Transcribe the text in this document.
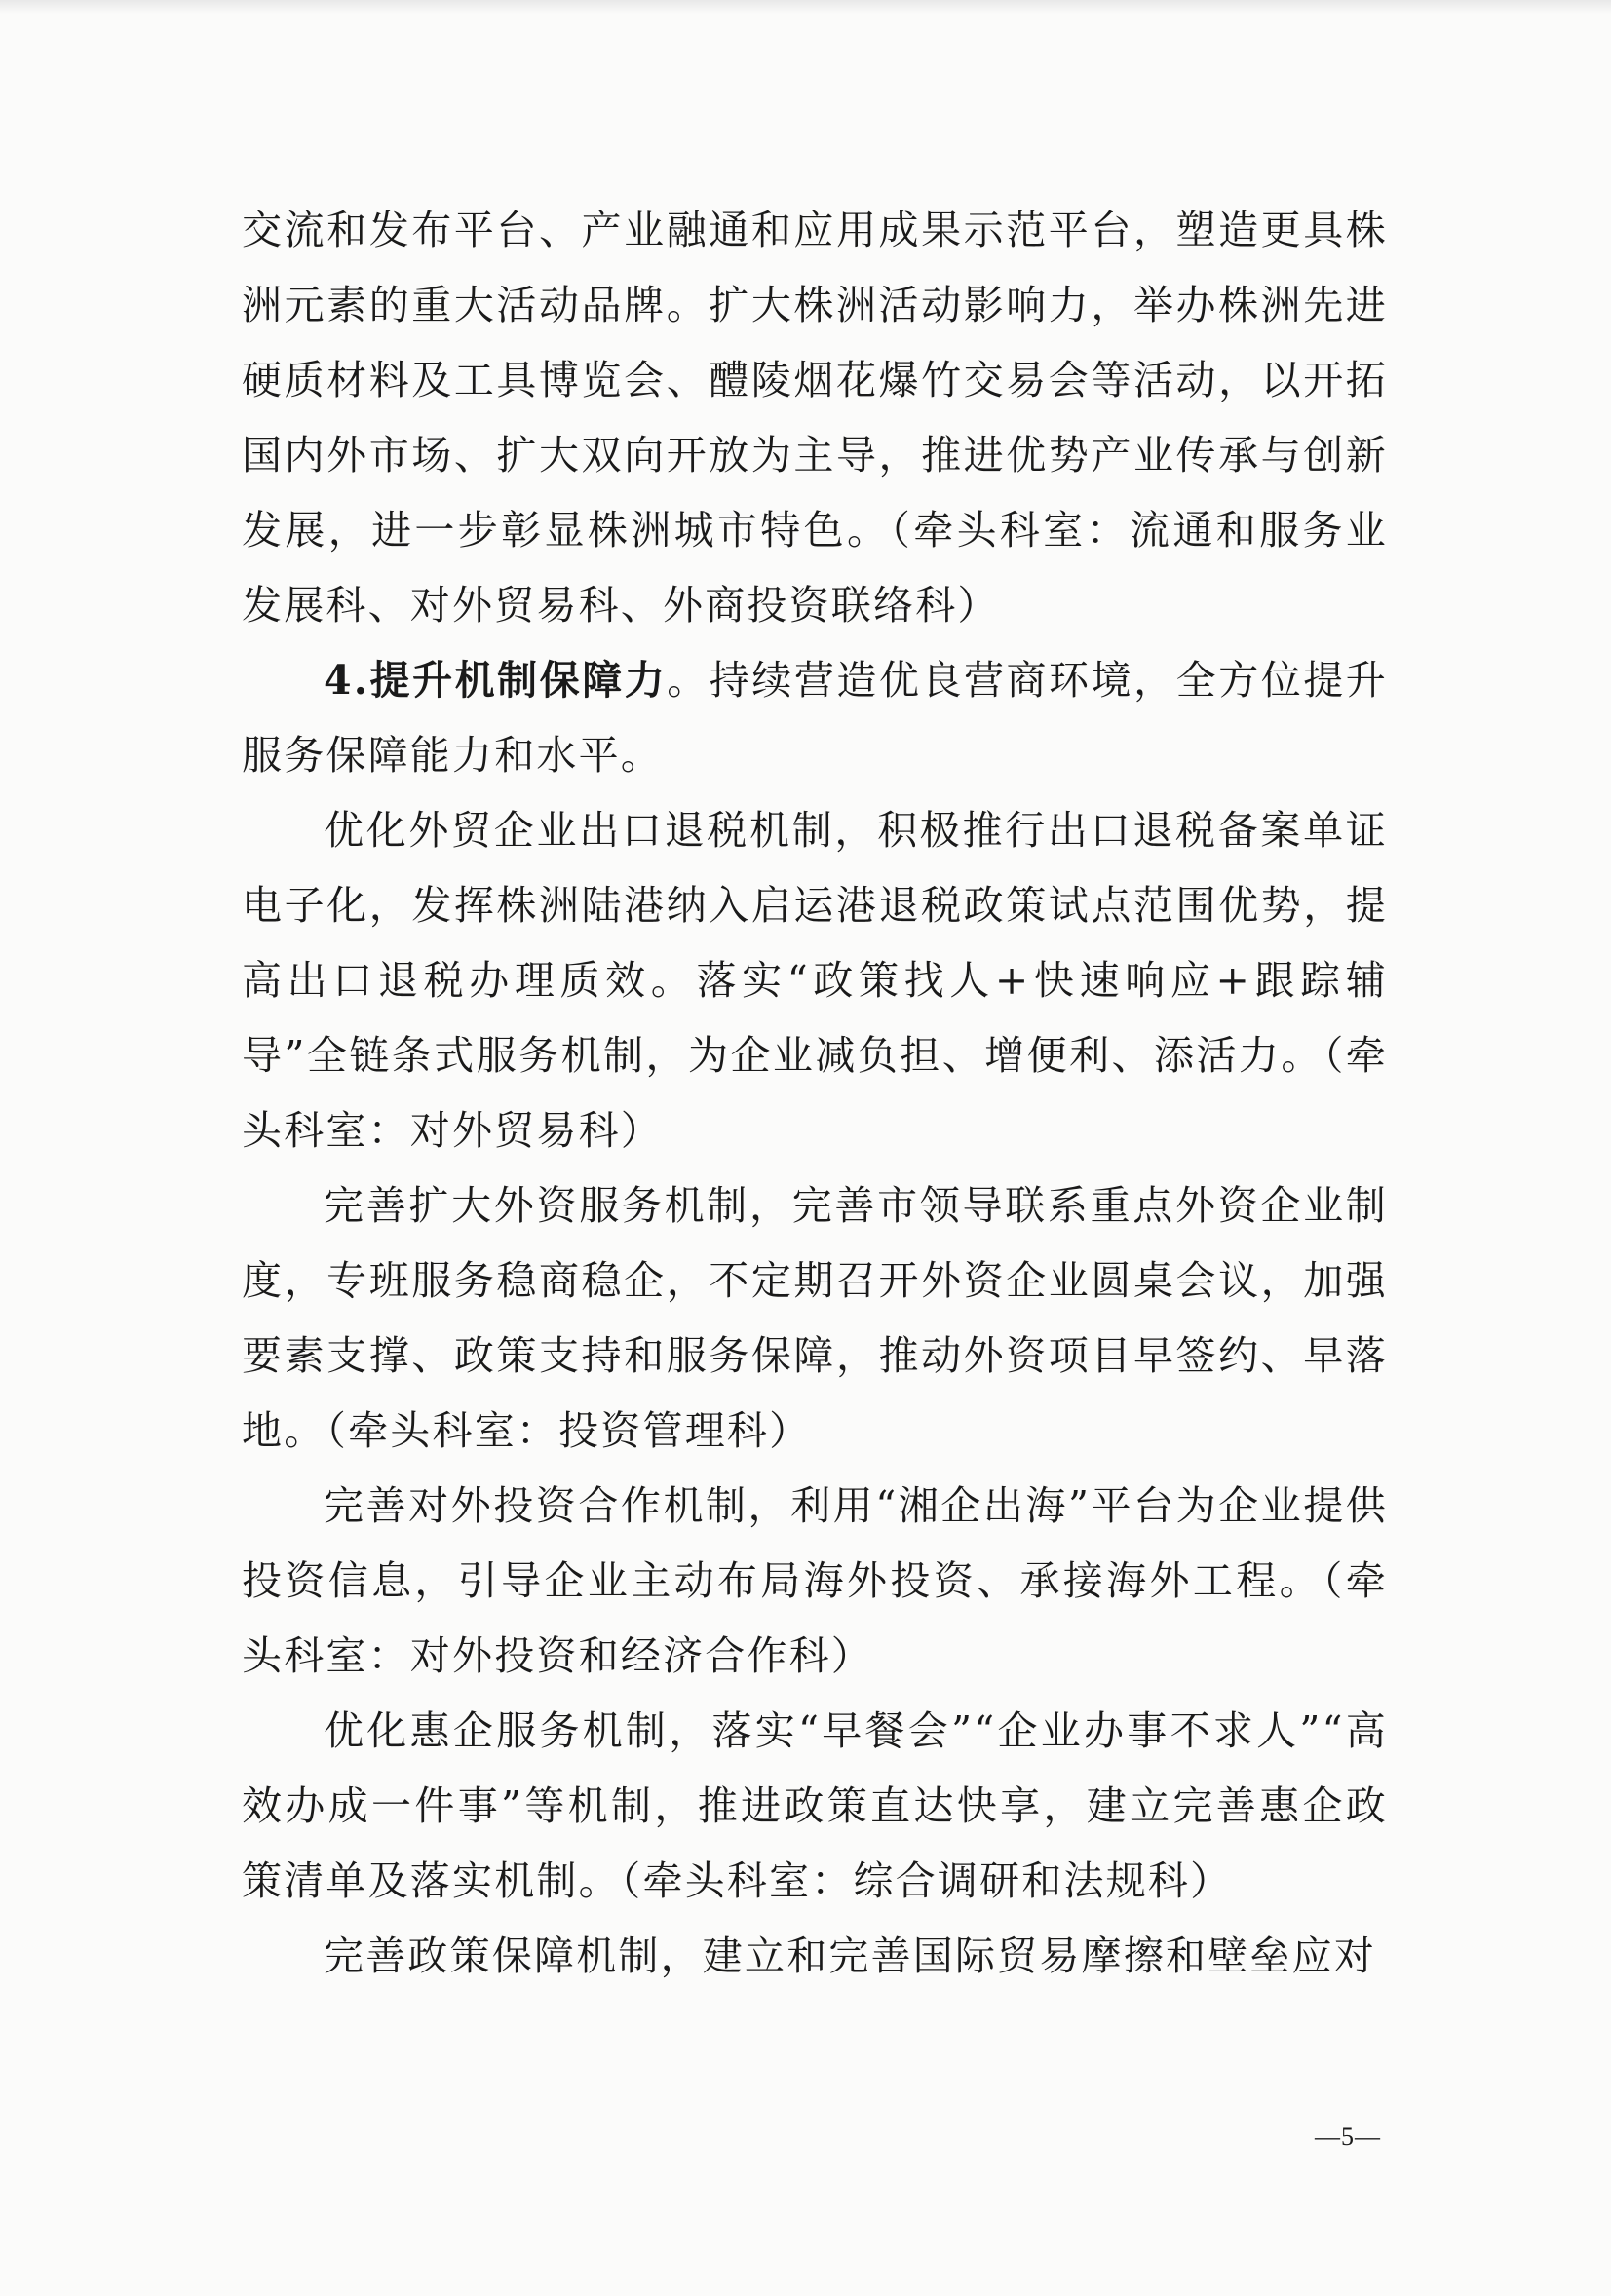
交流和发布平台、产业融通和应用成果示范平台，塑造更具株洲元素的重大活动品牌。扩大株洲活动影响力，举办株洲先进硬质材料及工具博览会、醴陵烟花爆竹交易会等活动，以开拓国内外市场、扩大双向开放为主导，推进优势产业传承与创新发展，进一步彰显株洲城市特色。（牵头科室：流通和服务业发展科、对外贸易科、外商投资联络科）

4.提升机制保障力。持续营造优良营商环境，全方位提升服务保障能力和水平。

优化外贸企业出口退税机制，积极推行出口退税备案单证电子化，发挥株洲陆港纳入启运港退税政策试点范围优势，提高出口退税办理质效。落实“政策找人+快速响应+跟踪辅导”全链条式服务机制，为企业减负担、增便利、添活力。（牵头科室：对外贸易科）

完善扩大外资服务机制，完善市领导联系重点外资企业制度，专班服务稳商稳企，不定期召开外资企业圆桌会议，加强要素支撑、政策支持和服务保障，推动外资项目早签约、早落地。（牵头科室：投资管理科）

完善对外投资合作机制，利用“湘企出海”平台为企业提供投资信息，引导企业主动布局海外投资、承接海外工程。（牵头科室：对外投资和经济合作科）

优化惠企服务机制，落实“早餐会”“企业办事不求人”“高效办成一件事”等机制，推进政策直达快享，建立完善惠企政策清单及落实机制。（牵头科室：综合调研和法规科）

完善政策保障机制，建立和完善国际贸易摩擦和壁垒应对

—5—
